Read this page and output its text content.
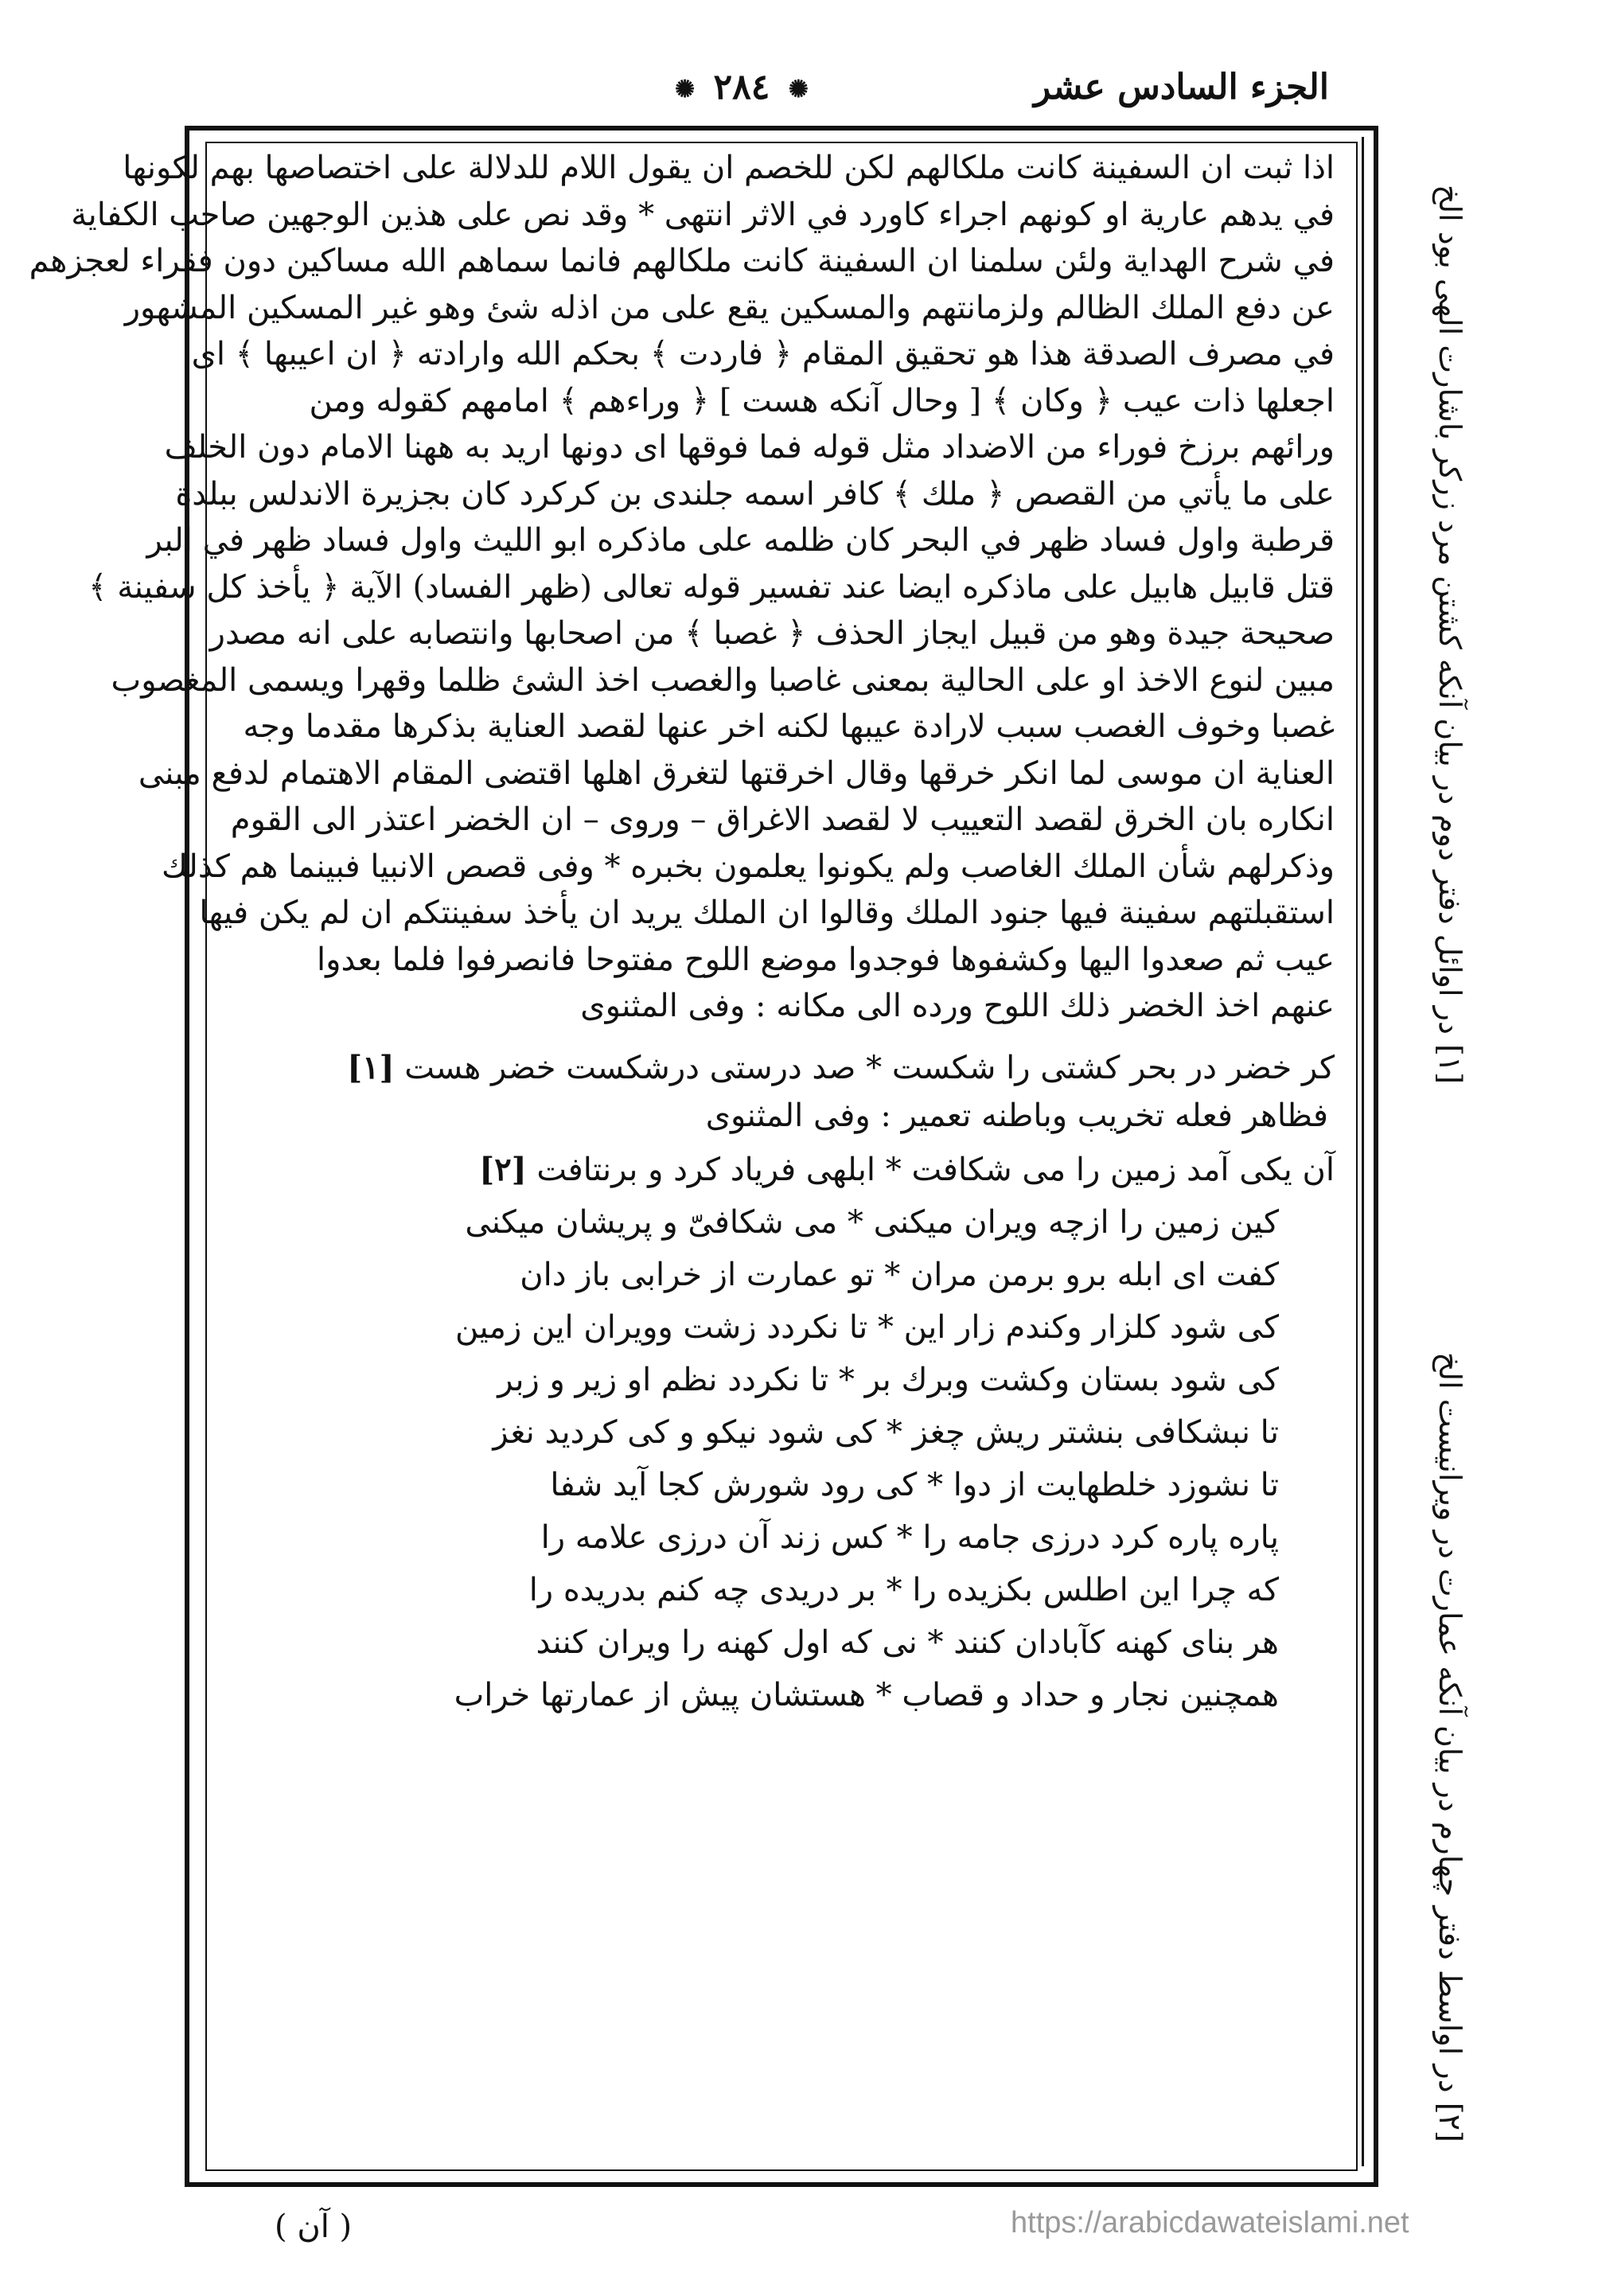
الجزء السادس عشر
✺ ٢٨٤ ✺
اذا ثبت ان السفينة كانت ملكالهم لكن للخصم ان يقول اللام للدلالة على اختصاصها بهم لكونها
في يدهم عارية او كونهم اجراء كاورد في الاثر انتهى * وقد نص على هذين الوجهين صاحب الكفاية
في شرح الهداية ولئن سلمنا ان السفينة كانت ملكالهم فانما سماهم الله مساكين دون فقراء لعجزهم
عن دفع الملك الظالم ولزمانتهم والمسكين يقع على من اذله شئ وهو غير المسكين المشهور
في مصرف الصدقة هذا هو تحقيق المقام ﴿ فاردت ﴾ بحكم الله وارادته ﴿ ان اعيبها ﴾ اى
اجعلها ذات عيب ﴿ وكان ﴾ [ وحال آنكه هست ] ﴿ وراءهم ﴾ امامهم كقوله ومن
ورائهم برزخ فوراء من الاضداد مثل قوله فما فوقها اى دونها اريد به ههنا الامام دون الخلف
على ما يأتي من القصص ﴿ ملك ﴾ كافر اسمه جلندى بن كركرد كان بجزيرة الاندلس ببلدة
قرطبة واول فساد ظهر في البحر كان ظلمه على ماذكره ابو الليث واول فساد ظهر في البر
قتل قابيل هابيل على ماذكره ايضا عند تفسير قوله تعالى (ظهر الفساد) الآية ﴿ يأخذ كل سفينة ﴾
صحيحة جيدة وهو من قبيل ايجاز الحذف ﴿ غصبا ﴾ من اصحابها وانتصابه على انه مصدر
مبين لنوع الاخذ او على الحالية بمعنى غاصبا والغصب اخذ الشئ ظلما وقهرا ويسمى المغصوب
غصبا وخوف الغصب سبب لارادة عيبها لكنه اخر عنها لقصد العناية بذكرها مقدما وجه
العناية ان موسى لما انكر خرقها وقال اخرقتها لتغرق اهلها اقتضى المقام الاهتمام لدفع مبنى
انكاره بان الخرق لقصد التعييب لا لقصد الاغراق – وروى – ان الخضر اعتذر الى القوم
وذكرلهم شأن الملك الغاصب ولم يكونوا يعلمون بخبره * وفى قصص الانبيا فبينما هم كذلك
استقبلتهم سفينة فيها جنود الملك وقالوا ان الملك يريد ان يأخذ سفينتكم ان لم يكن فيها
عيب ثم صعدوا اليها وكشفوها فوجدوا موضع اللوح مفتوحا فانصرفوا فلما بعدوا
عنهم اخذ الخضر ذلك اللوح ورده الى مكانه : وفى المثنوى
كر خضر در بحر كشتى را شكست * صد درستى درشكست خضر هست [١]
فظاهر فعله تخريب وباطنه تعمير : وفى المثنوى
آن يكى آمد زمين را مى شكافت * ابلهى فرياد كرد و برنتافت [٢]
كين زمين را ازچه ويران ميكنى * مى شكافىّ و پريشان ميكنى
كفت اى ابله برو برمن مران * تو عمارت از خرابى باز دان
كى شود كلزار وكندم زار اين * تا نكردد زشت وويران اين زمين
كى شود بستان وكشت وبرك بر * تا نكردد نظم او زير و زبر
تا نبشكافى بنشتر ريش چغز * كى شود نيكو و كى كرديد نغز
تا نشوزد خلطهايت از دوا * كى رود شورش كجا آيد شفا
پاره پاره كرد درزى جامه را * كس زند آن درزى علامه را
كه چرا اين اطلس بكزيده را * بر دريدى چه كنم بدريده را
هر بناى كهنه كآبادان كنند * نى كه اول كهنه را ويران كنند
همچنين نجار و حداد و قصاب * هستشان پيش از عمارتها خراب
[١] در اوائل دفتر دوم در بيان آنكه كشتن مرد زركر باشارت الهى بود الخ
[٢] در اواسط دفتر چهارم در بيان آنكه عمارت در ويرانيست الخ
( آن )	https://arabicdawateislami.net
